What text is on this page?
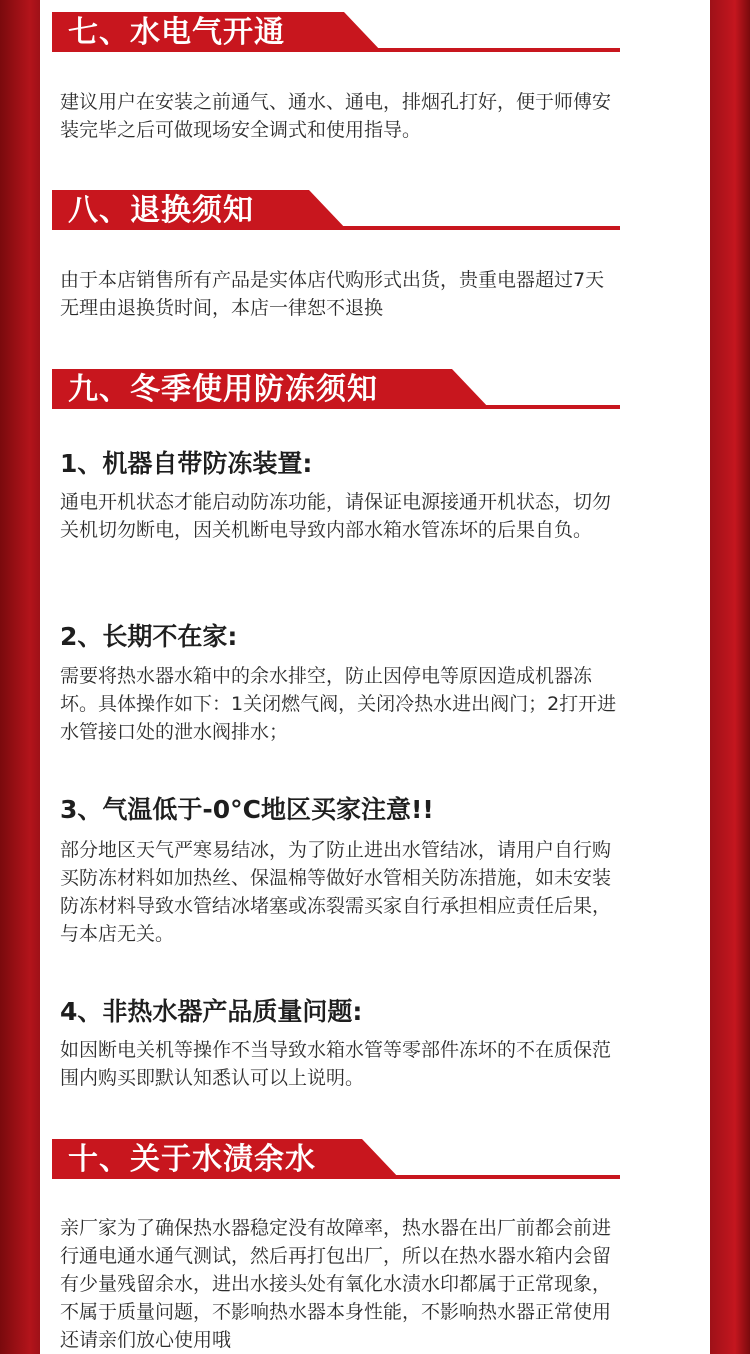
七、水电气开通
建议用户在安装之前通气、通水、通电，排烟孔打好，便于师傅安装完毕之后可做现场安全调式和使用指导。
八、退换须知
由于本店销售所有产品是实体店代购形式出货，贵重电器超过7天无理由退换货时间，本店一律恕不退换
九、冬季使用防冻须知
1、机器自带防冻装置:
通电开机状态才能启动防冻功能，请保证电源接通开机状态，切勿关机切勿断电，因关机断电导致内部水箱水管冻坏的后果自负。
2、长期不在家:
需要将热水器水箱中的余水排空，防止因停电等原因造成机器冻坏。具体操作如下：1关闭燃气阀，关闭冷热水进出阀门；2打开进水管接口处的泄水阀排水；
3、气温低于-0°C地区买家注意!!
部分地区天气严寒易结冰，为了防止进出水管结冰，请用户自行购买防冻材料如加热丝、保温棉等做好水管相关防冻措施，如未安装防冻材料导致水管结冰堵塞或冻裂需买家自行承担相应责任后果，与本店无关。
4、非热水器产品质量问题:
如因断电关机等操作不当导致水箱水管等零部件冻坏的不在质保范围内购买即默认知悉认可以上说明。
十、关于水渍余水
亲厂家为了确保热水器稳定没有故障率，热水器在出厂前都会前进行通电通水通气测试，然后再打包出厂，所以在热水器水箱内会留有少量残留余水，进出水接头处有氧化水渍水印都属于正常现象，不属于质量问题，不影响热水器本身性能，不影响热水器正常使用还请亲们放心使用哦
